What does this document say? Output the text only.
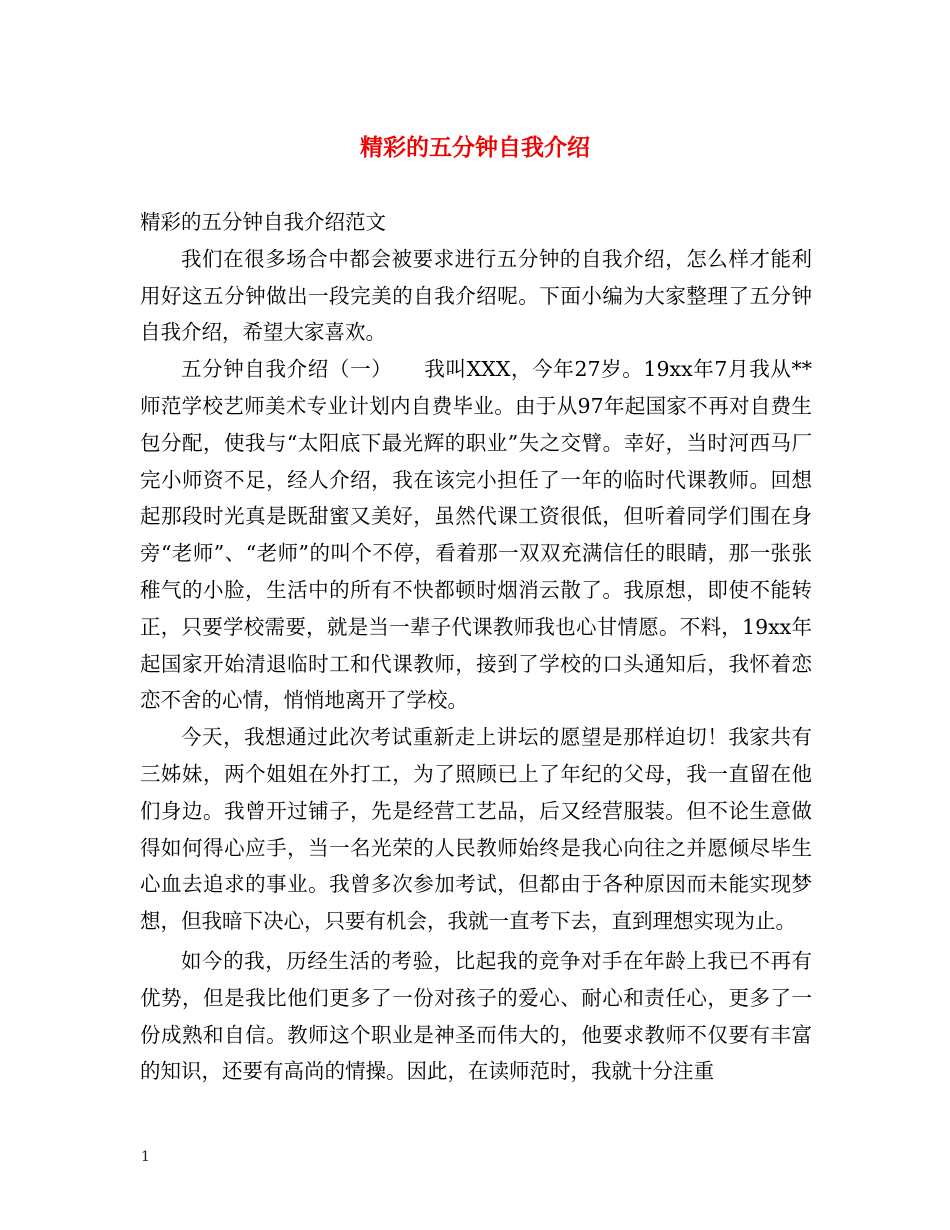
精彩的五分钟自我介绍

精彩的五分钟自我介绍范文

我们在很多场合中都会被要求进行五分钟的自我介绍，怎么样才能利用好这五分钟做出一段完美的自我介绍呢。下面小编为大家整理了五分钟自我介绍，希望大家喜欢。

五分钟自我介绍（一）　　我叫XXX，今年27岁。19xx年7月我从**师范学校艺师美术专业计划内自费毕业。由于从97年起国家不再对自费生包分配，使我与“太阳底下最光辉的职业”失之交臂。幸好，当时河西马厂完小师资不足，经人介绍，我在该完小担任了一年的临时代课教师。回想起那段时光真是既甜蜜又美好，虽然代课工资很低，但听着同学们围在身旁“老师”、“老师”的叫个不停，看着那一双双充满信任的眼睛，那一张张稚气的小脸，生活中的所有不快都顿时烟消云散了。我原想，即使不能转正，只要学校需要，就是当一辈子代课教师我也心甘情愿。不料，19xx年起国家开始清退临时工和代课教师，接到了学校的口头通知后，我怀着恋恋不舍的心情，悄悄地离开了学校。

今天，我想通过此次考试重新走上讲坛的愿望是那样迫切！我家共有三姊妹，两个姐姐在外打工，为了照顾已上了年纪的父母，我一直留在他们身边。我曾开过铺子，先是经营工艺品，后又经营服装。但不论生意做得如何得心应手，当一名光荣的人民教师始终是我心向往之并愿倾尽毕生心血去追求的事业。我曾多次参加考试，但都由于各种原因而未能实现梦想，但我暗下决心，只要有机会，我就一直考下去，直到理想实现为止。

如今的我，历经生活的考验，比起我的竞争对手在年龄上我已不再有优势，但是我比他们更多了一份对孩子的爱心、耐心和责任心，更多了一份成熟和自信。教师这个职业是神圣而伟大的，他要求教师不仅要有丰富的知识，还要有高尚的情操。因此，在读师范时，我就十分注重

1
